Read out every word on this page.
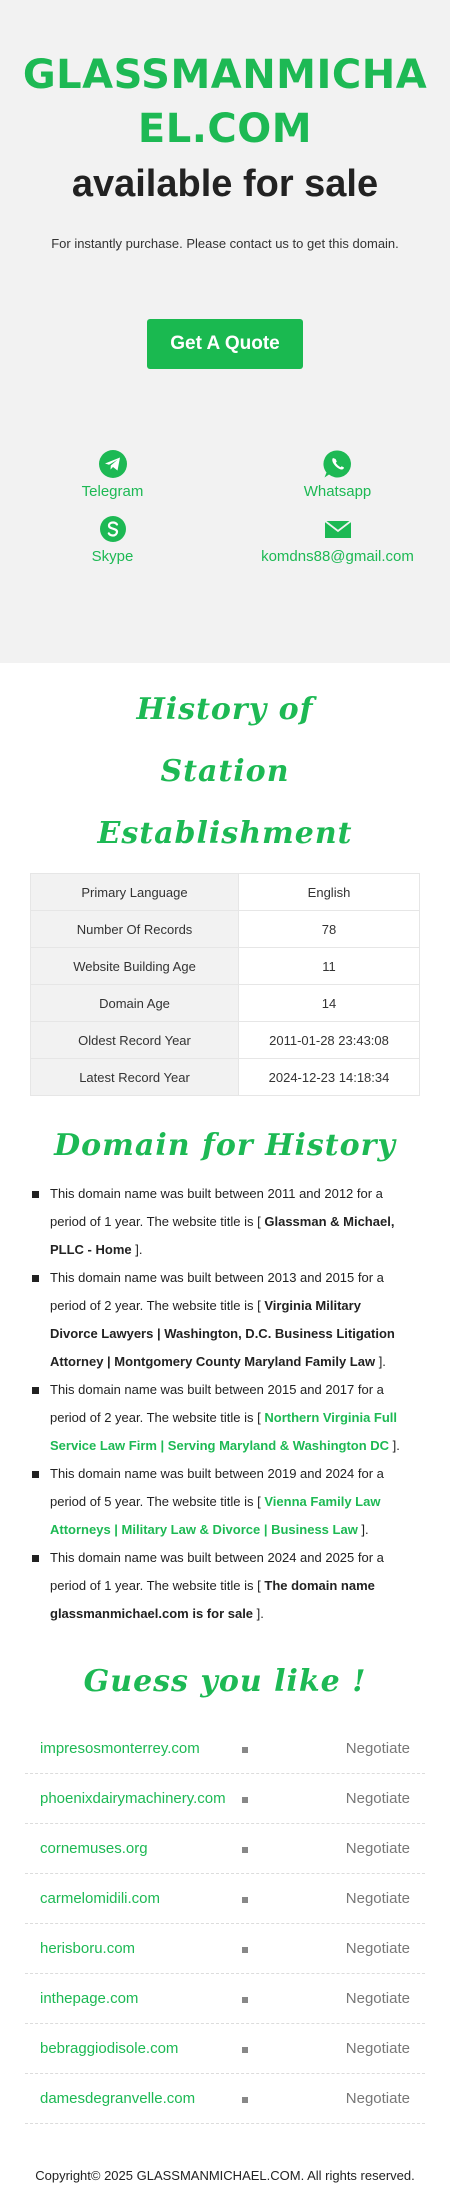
GLASSMANMICHAEL.COM
available for sale

For instantly purchase. Please contact us to get this domain.

Get A Quote
Telegram	Whatsapp
Skype	komdns88@gmail.com
History of Station Establishment
Primary Language	English
Number Of Records	78
Website Building Age	11
Domain Age	14
Oldest Record Year	2011-01-28 23:43:08
Latest Record Year	2024-12-23 14:18:34
Domain for History
This domain name was built between 2011 and 2012 for a period of 1 year. The website title is [ Glassman & Michael, PLLC - Home ].
This domain name was built between 2013 and 2015 for a period of 2 year. The website title is [ Virginia Military Divorce Lawyers | Washington, D.C. Business Litigation Attorney | Montgomery County Maryland Family Law ].
This domain name was built between 2015 and 2017 for a period of 2 year. The website title is [ Northern Virginia Full Service Law Firm | Serving Maryland & Washington DC ].
This domain name was built between 2019 and 2024 for a period of 5 year. The website title is [ Vienna Family Law Attorneys | Military Law & Divorce | Business Law ].
This domain name was built between 2024 and 2025 for a period of 1 year. The website title is [ The domain name glassmanmichael.com is for sale ].
Guess you like !
impresosmonterrey.com	Negotiate
phoenixdairymachinery.com	Negotiate
cornemuses.org	Negotiate
carmelomidili.com	Negotiate
herisboru.com	Negotiate
inthepage.com	Negotiate
bebraggiodisole.com	Negotiate
damesdegranvelle.com	Negotiate

Copyright© 2025 GLASSMANMICHAEL.COM. All rights reserved.
